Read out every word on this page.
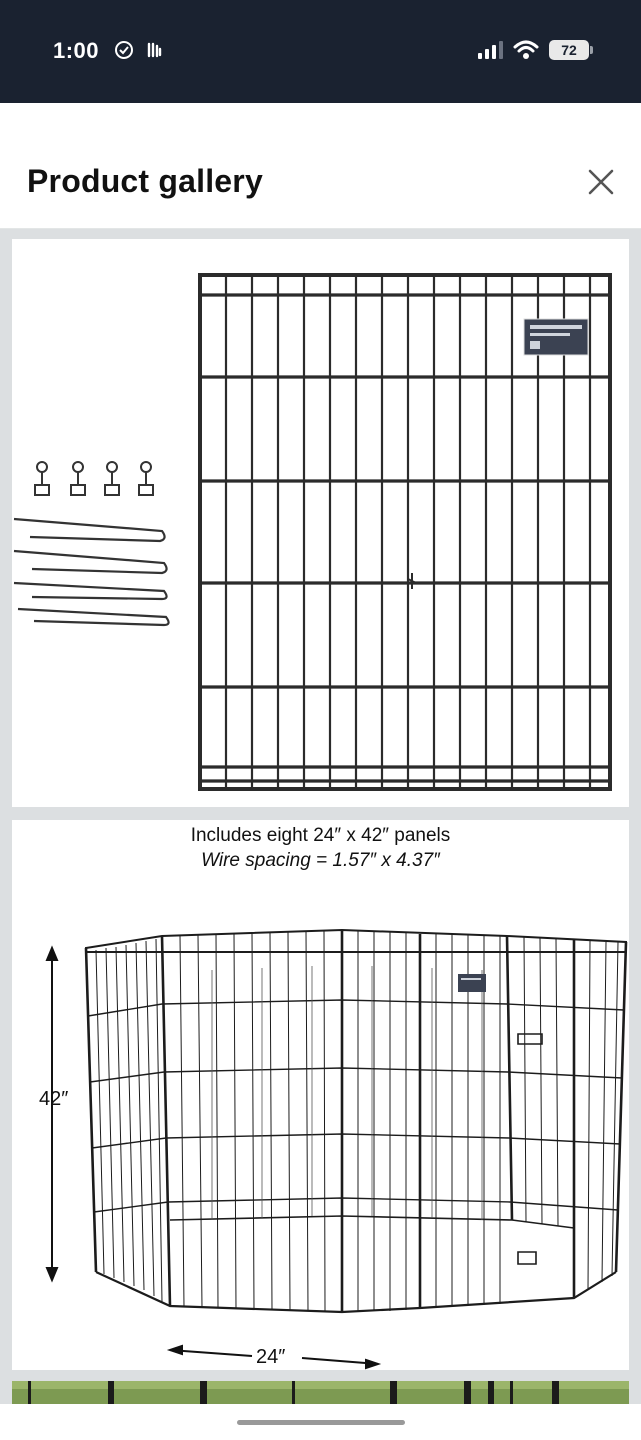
1:00	72
Product gallery
Includes eight 24″ x 42″ panels
Wire spacing = 1.57″ x 4.37″
42″
24″
